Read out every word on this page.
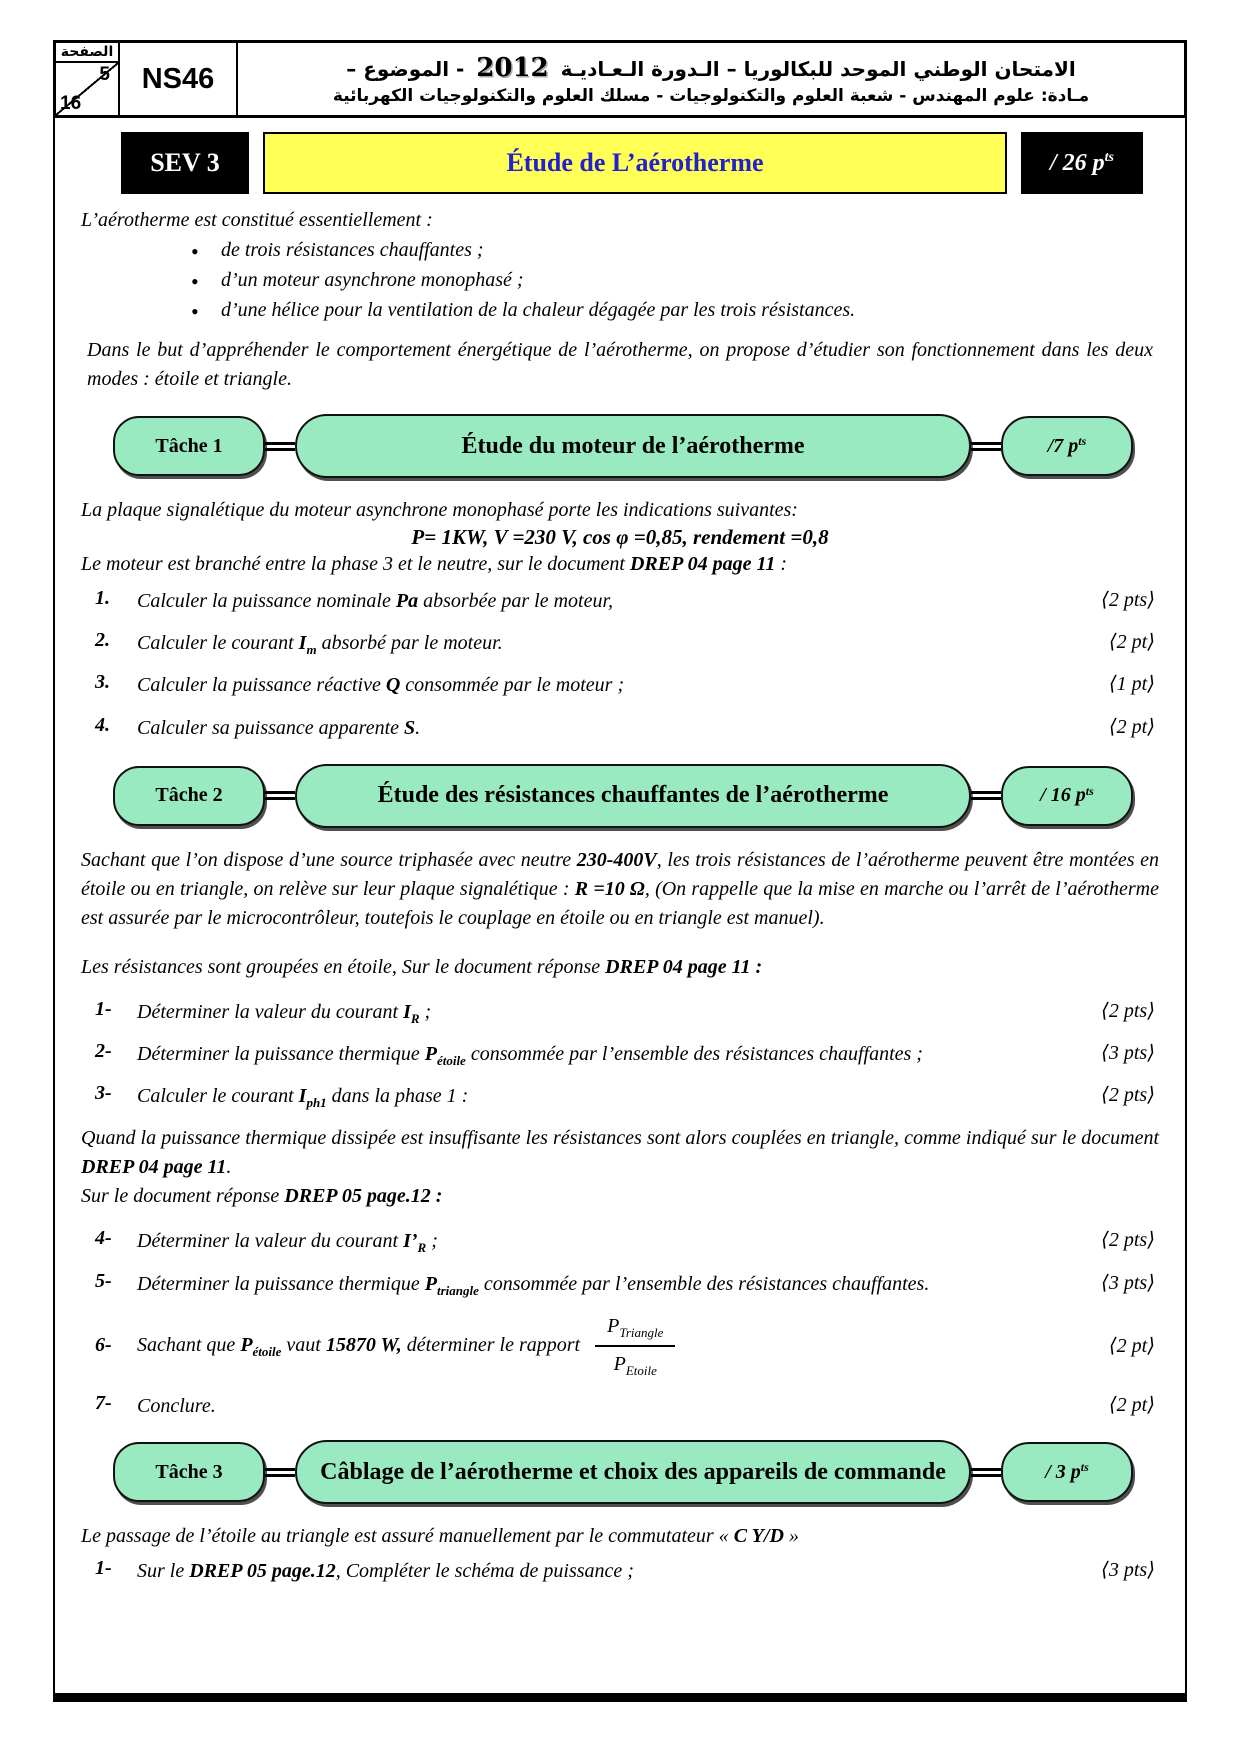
الصفحة
5
16
NS46	الامتحان الوطني الموحد للبكالوريا – الـدورة الـعـاديـة 2012 - الموضوع –
مـادة: علوم المهندس - شعبة العلوم والتكنولوجيات - مسلك العلوم والتكنولوجيات الكهربائية
SEV 3	Étude de L’aérotherme	/ 26 $p^{ts}$

L’aérotherme est constitué essentiellement :

• de trois résistances chauffantes ;
• d’un moteur asynchrone monophasé ;
• d’une hélice pour la ventilation de la chaleur dégagée par les trois résistances.

Dans le but d’appréhender le comportement énergétique de l’aérotherme, on propose d’étudier son fonctionnement dans les deux modes : étoile et triangle.

Tâche 1	Étude du moteur de l’aérotherme	/7 $p^{ts}$

La plaque signalétique du moteur asynchrone monophasé porte les indications suivantes:

P= 1KW, V =230 V, cos φ =0,85, rendement =0,8

Le moteur est branché entre la phase 3 et le neutre, sur le document DREP 04 page 11 :

1.	Calculer la puissance nominale Pa absorbée par le moteur,	⟨2 pts⟩
2.	Calculer le courant $I_m$ absorbé par le moteur.	⟨2 pt⟩
3.	Calculer la puissance réactive Q consommée par le moteur ;	⟨1 pt⟩
4.	Calculer sa puissance apparente S.	⟨2 pt⟩
Tâche 2	Étude des résistances chauffantes de l’aérotherme	/ 16 $p^{ts}$

Sachant que l’on dispose d’une source triphasée avec neutre 230-400V, les trois résistances de l’aérotherme peuvent être montées en étoile ou en triangle, on relève sur leur plaque signalétique : R =10 Ω, (On rappelle que la mise en marche ou l’arrêt de l’aérotherme est assurée par le microcontrôleur, toutefois le couplage en étoile ou en triangle est manuel).

Les résistances sont groupées en étoile, Sur le document réponse DREP 04 page 11 :

1-	Déterminer la valeur du courant $I_R$ ;	⟨2 pts⟩
2-	Déterminer la puissance thermique $P_{étoile}$ consommée par l’ensemble des résistances chauffantes ;	⟨3 pts⟩
3-	Calculer le courant $I_{ph1}$ dans la phase 1 :	⟨2 pts⟩

Quand la puissance thermique dissipée est insuffisante les résistances sont alors couplées en triangle, comme indiqué sur le document DREP 04 page 11.

Sur le document réponse DREP 05 page.12 :

4-	Déterminer la valeur du courant $I’_R$ ;	⟨2 pts⟩
5-	Déterminer la puissance thermique $P_{triangle}$ consommée par l’ensemble des résistances chauffantes.	⟨3 pts⟩
6-	Sachant que $P_{étoile}$ vaut 15870 W, déterminer le rapport $\frac{P_{Triangle}}{P_{Etoile}}$	⟨2 pt⟩
7-	Conclure.	⟨2 pt⟩
Tâche 3	Câblage de l’aérotherme et choix des appareils de commande	/ 3 $p^{ts}$

Le passage de l’étoile au triangle est assuré manuellement par le commutateur « C Y/D »

1-	Sur le DREP 05 page.12, Compléter le schéma de puissance ;	⟨3 pts⟩
